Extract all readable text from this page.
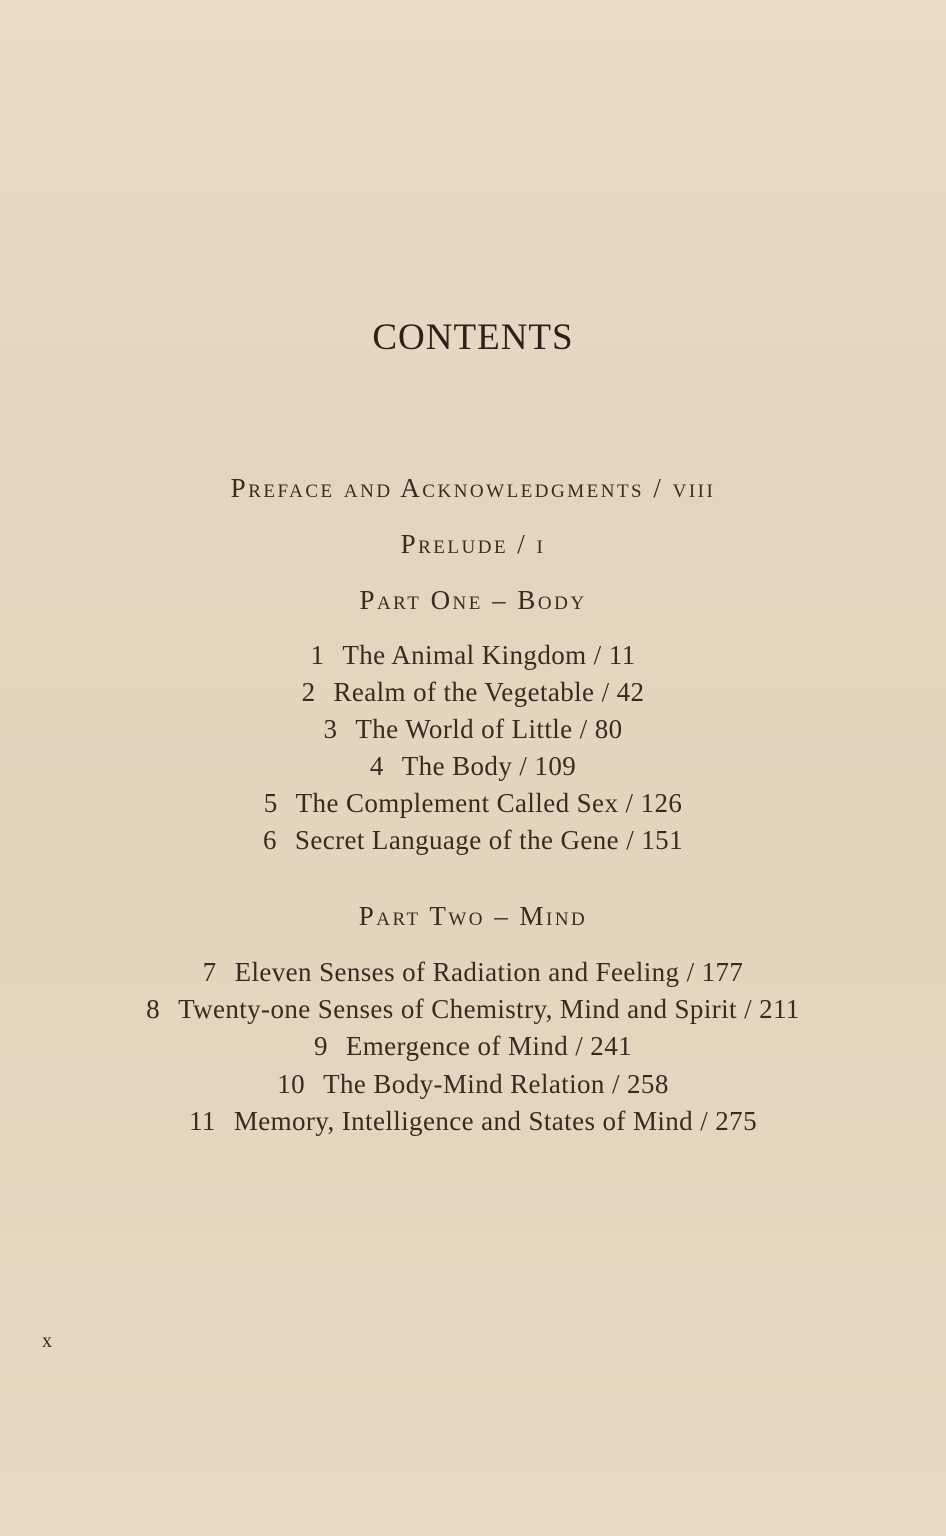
CONTENTS
Preface and Acknowledgments / viii
Prelude / i
Part One – Body
1 The Animal Kingdom / 11
2 Realm of the Vegetable / 42
3 The World of Little / 80
4 The Body / 109
5 The Complement Called Sex / 126
6 Secret Language of the Gene / 151
Part Two – Mind
7 Eleven Senses of Radiation and Feeling / 177
8 Twenty-one Senses of Chemistry, Mind and Spirit / 211
9 Emergence of Mind / 241
10 The Body-Mind Relation / 258
11 Memory, Intelligence and States of Mind / 275
x
